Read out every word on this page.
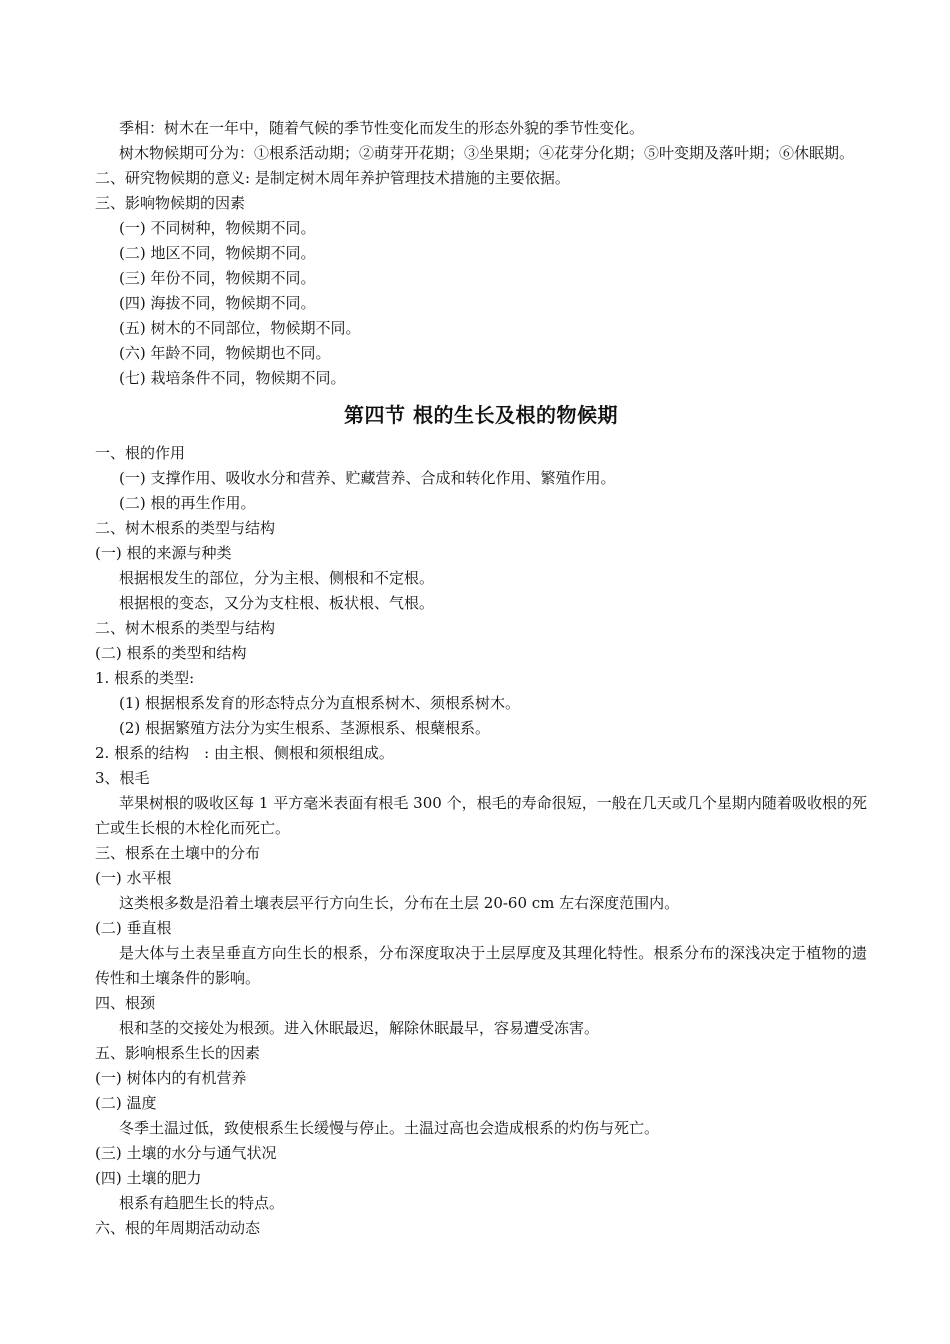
季相：树木在一年中，随着气候的季节性变化而发生的形态外貌的季节性变化。

树木物候期可分为：①根系活动期；②萌芽开花期；③坐果期；④花芽分化期；⑤叶变期及落叶期；⑥休眠期。

二、研究物候期的意义: 是制定树木周年养护管理技术措施的主要依据。

三、影响物候期的因素

(一) 不同树种，物候期不同。

(二) 地区不同，物候期不同。

(三) 年份不同，物候期不同。

(四) 海拔不同，物候期不同。

(五) 树木的不同部位，物候期不同。

(六) 年龄不同，物候期也不同。

(七) 栽培条件不同，物候期不同。

第四节 根的生长及根的物候期

一、根的作用

(一) 支撑作用、吸收水分和营养、贮藏营养、合成和转化作用、繁殖作用。

(二) 根的再生作用。

二、树木根系的类型与结构

(一) 根的来源与种类

根据根发生的部位，分为主根、侧根和不定根。

根据根的变态，又分为支柱根、板状根、气根。

二、树木根系的类型与结构

(二) 根系的类型和结构

1. 根系的类型:

(1) 根据根系发育的形态特点分为直根系树木、须根系树木。

(2) 根据繁殖方法分为实生根系、茎源根系、根蘖根系。

2. 根系的结构　: 由主根、侧根和须根组成。

3、根毛

苹果树根的吸收区每 1 平方毫米表面有根毛 300 个，根毛的寿命很短，一般在几天或几个星期内随着吸收根的死亡或生长根的木栓化而死亡。

三、根系在土壤中的分布

(一) 水平根

这类根多数是沿着土壤表层平行方向生长，分布在土层 20-60 cm 左右深度范围内。

(二) 垂直根

是大体与土表呈垂直方向生长的根系，分布深度取决于土层厚度及其理化特性。根系分布的深浅决定于植物的遗传性和土壤条件的影响。

四、根颈

根和茎的交接处为根颈。进入休眠最迟，解除休眠最早，容易遭受冻害。

五、影响根系生长的因素

(一) 树体内的有机营养

(二) 温度

冬季土温过低，致使根系生长缓慢与停止。土温过高也会造成根系的灼伤与死亡。

(三) 土壤的水分与通气状况

(四) 土壤的肥力

根系有趋肥生长的特点。

六、根的年周期活动动态
